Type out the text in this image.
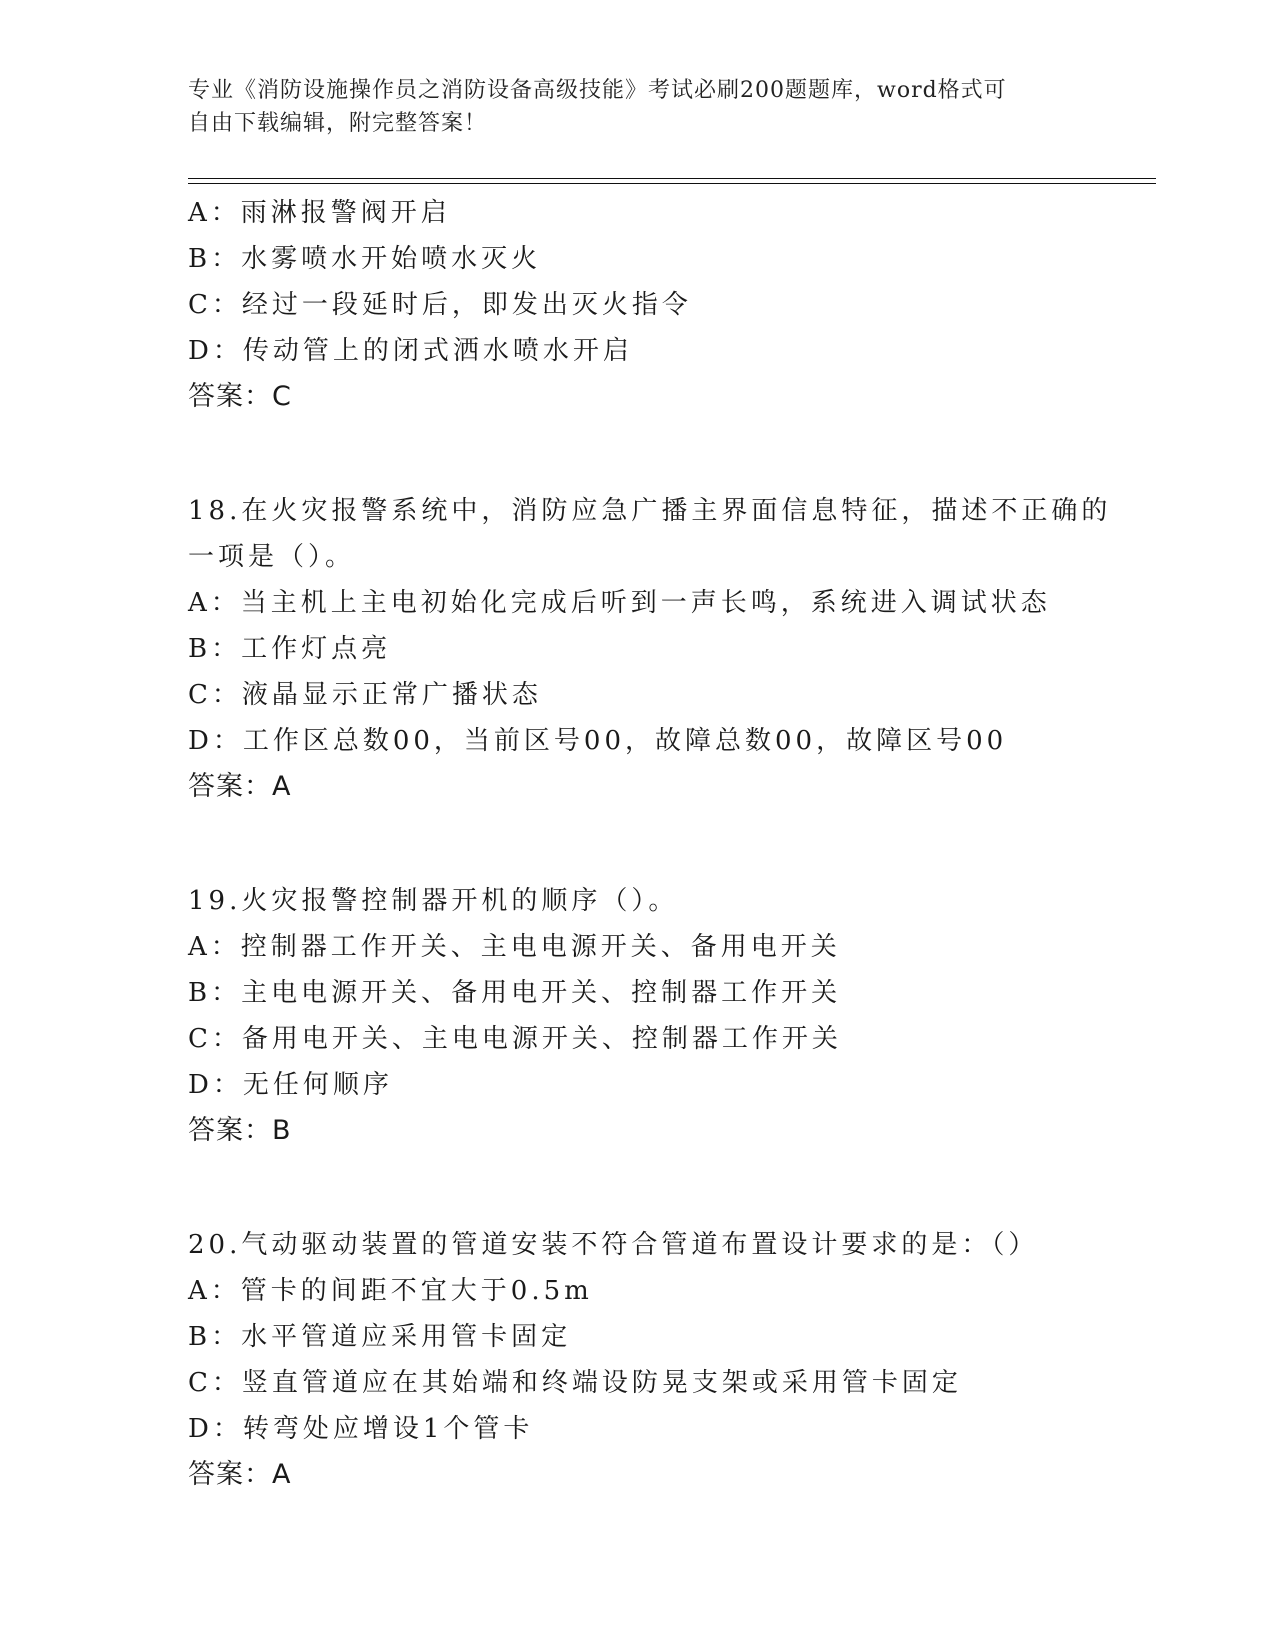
专业《消防设施操作员之消防设备高级技能》考试必刷200题题库，word格式可
自由下载编辑，附完整答案！
A：雨淋报警阀开启
B：水雾喷水开始喷水灭火
C：经过一段延时后，即发出灭火指令
D：传动管上的闭式洒水喷水开启
答案：C
18.在火灾报警系统中，消防应急广播主界面信息特征，描述不正确的
一项是（）。
A：当主机上主电初始化完成后听到一声长鸣，系统进入调试状态
B：工作灯点亮
C：液晶显示正常广播状态
D：工作区总数00，当前区号00，故障总数00，故障区号00
答案：A
19.火灾报警控制器开机的顺序（）。
A：控制器工作开关、主电电源开关、备用电开关
B：主电电源开关、备用电开关、控制器工作开关
C：备用电开关、主电电源开关、控制器工作开关
D：无任何顺序
答案：B
20.气动驱动装置的管道安装不符合管道布置设计要求的是：（）
A：管卡的间距不宜大于0.5m
B：水平管道应采用管卡固定
C：竖直管道应在其始端和终端设防晃支架或采用管卡固定
D：转弯处应增设1个管卡
答案：A
